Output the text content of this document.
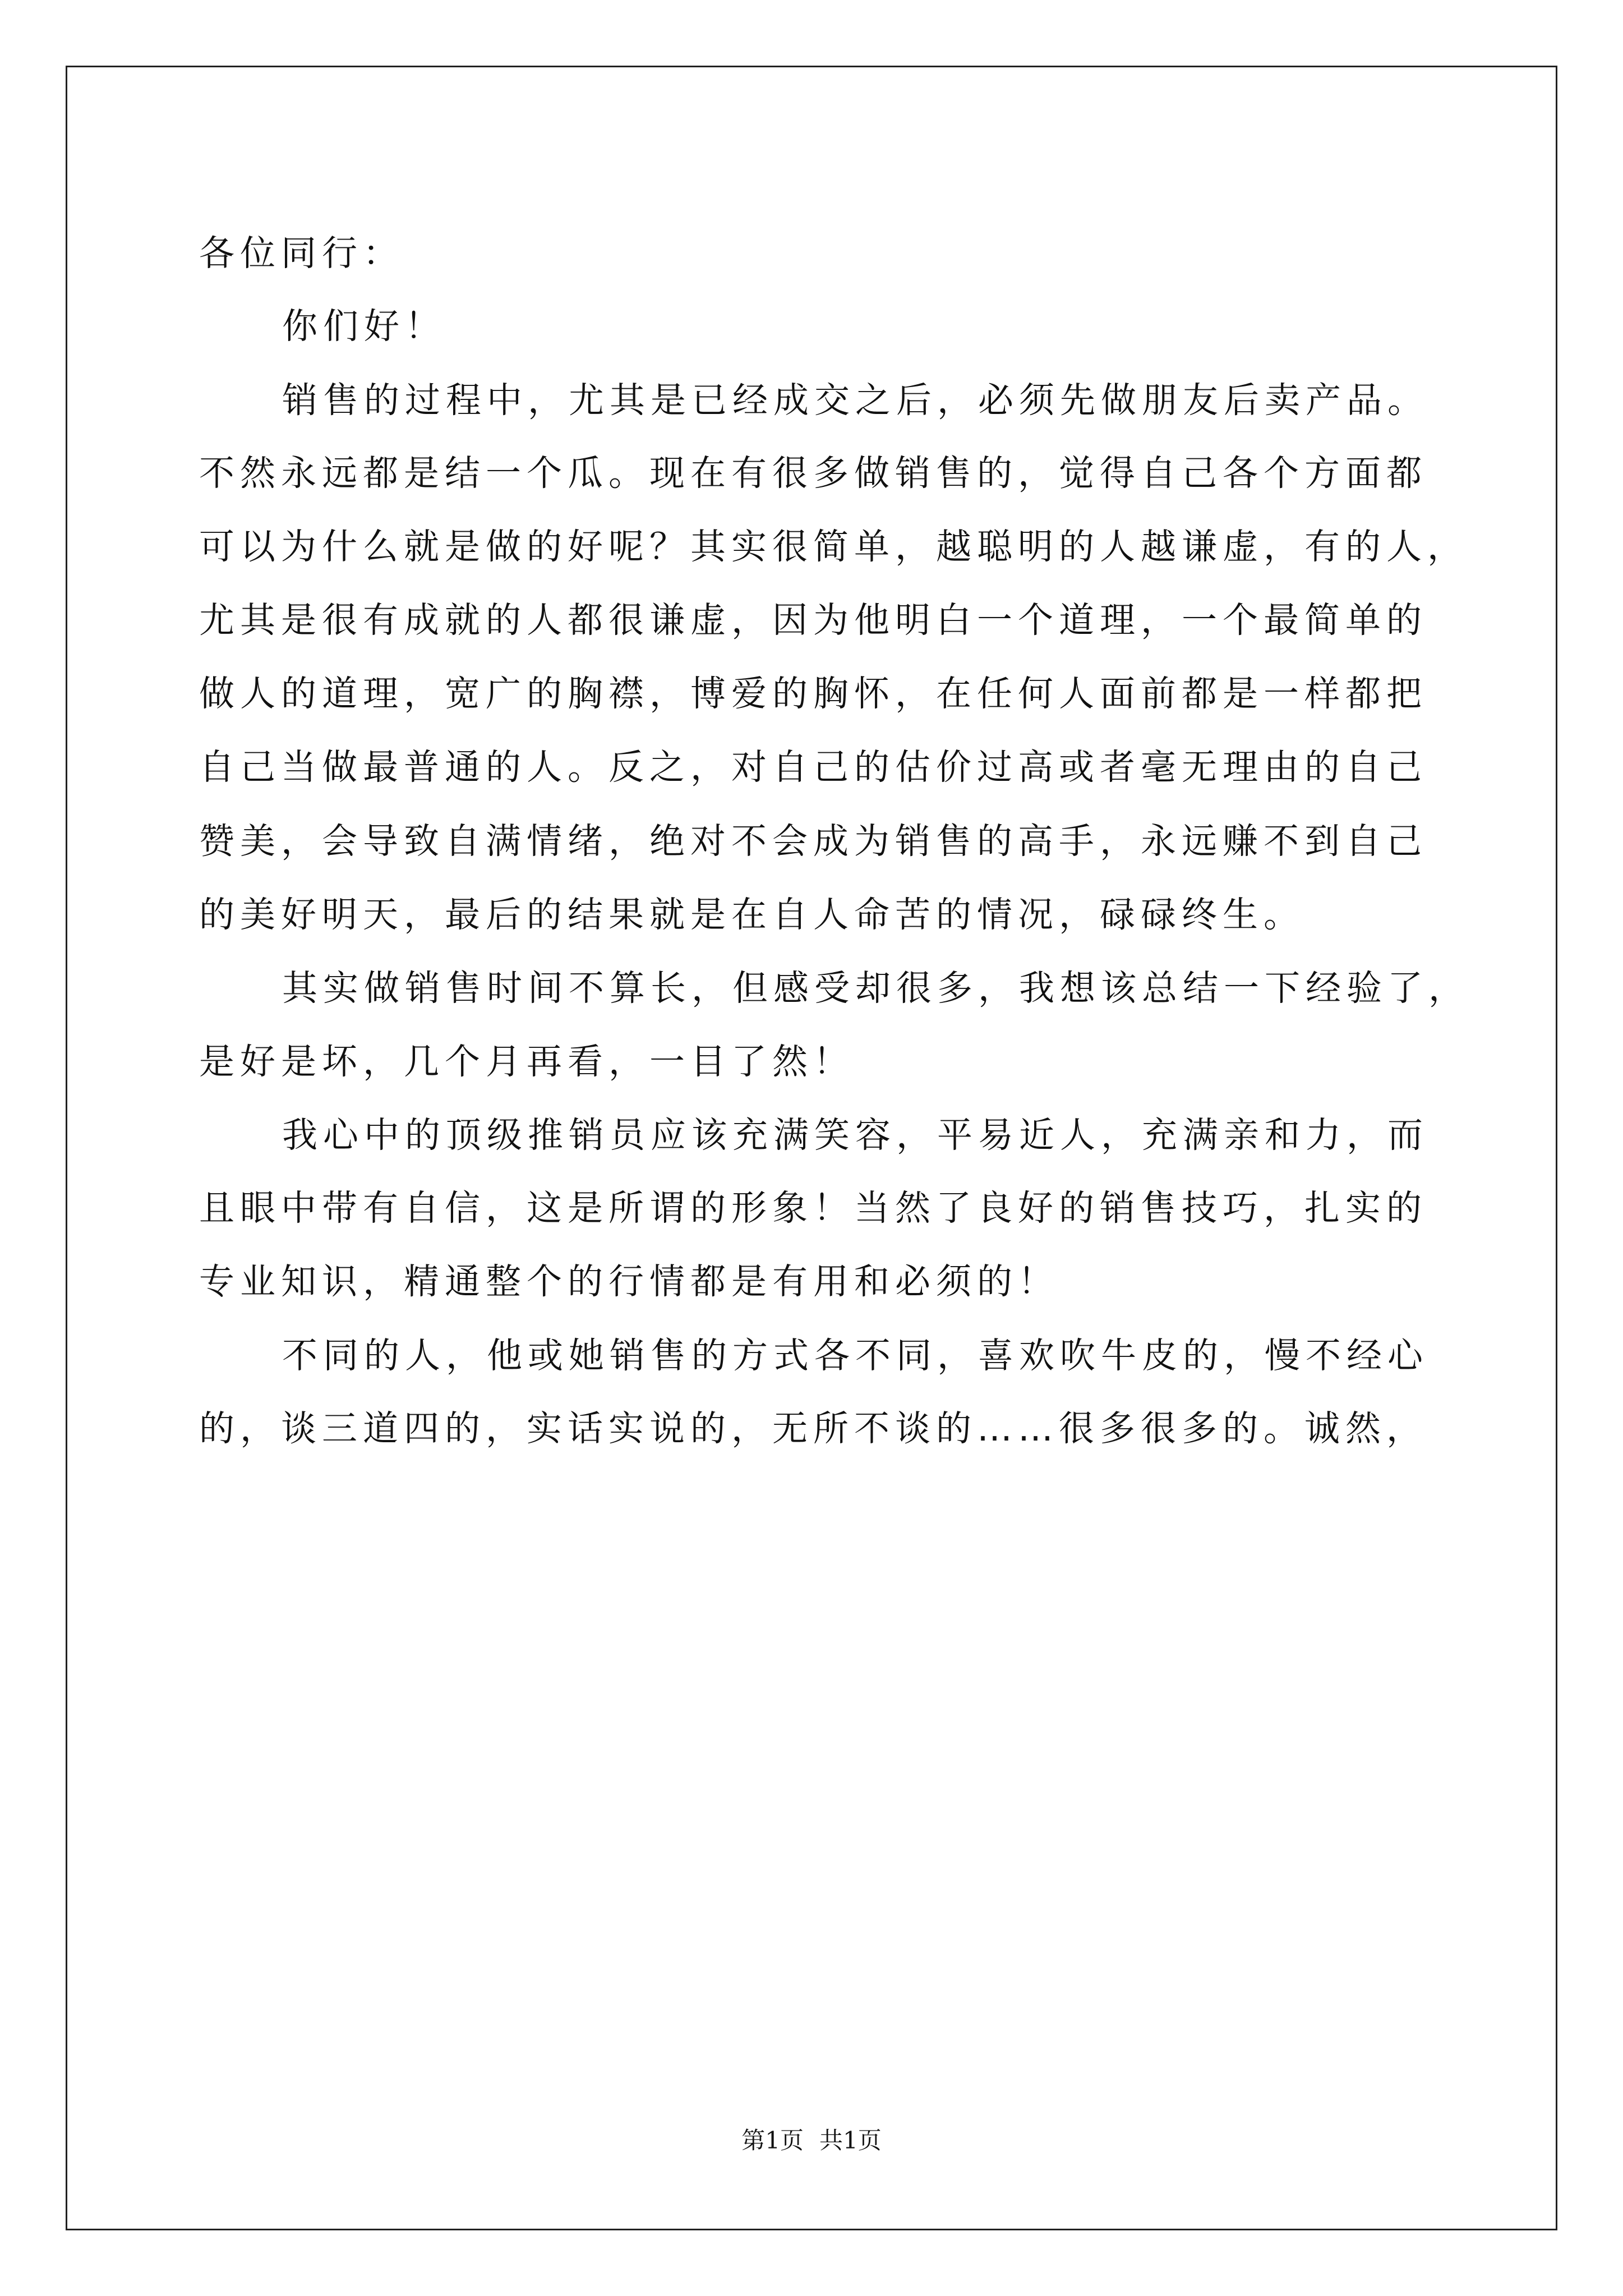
各位同行：
你们好！
销售的过程中，尤其是已经成交之后，必须先做朋友后卖产品。
不然永远都是结一个瓜。现在有很多做销售的，觉得自己各个方面都
可以为什么就是做的好呢？其实很简单，越聪明的人越谦虚，有的人，
尤其是很有成就的人都很谦虚，因为他明白一个道理，一个最简单的
做人的道理，宽广的胸襟，博爱的胸怀，在任何人面前都是一样都把
自己当做最普通的人。反之，对自己的估价过高或者毫无理由的自己
赞美，会导致自满情绪，绝对不会成为销售的高手，永远赚不到自己
的美好明天，最后的结果就是在自人命苦的情况，碌碌终生。
其实做销售时间不算长，但感受却很多，我想该总结一下经验了，
是好是坏，几个月再看，一目了然！
我心中的顶级推销员应该充满笑容，平易近人，充满亲和力，而
且眼中带有自信，这是所谓的形象！当然了良好的销售技巧，扎实的
专业知识，精通整个的行情都是有用和必须的！
不同的人，他或她销售的方式各不同，喜欢吹牛皮的，慢不经心
的，谈三道四的，实话实说的，无所不谈的……很多很多的。诚然，
第1页 共1页
